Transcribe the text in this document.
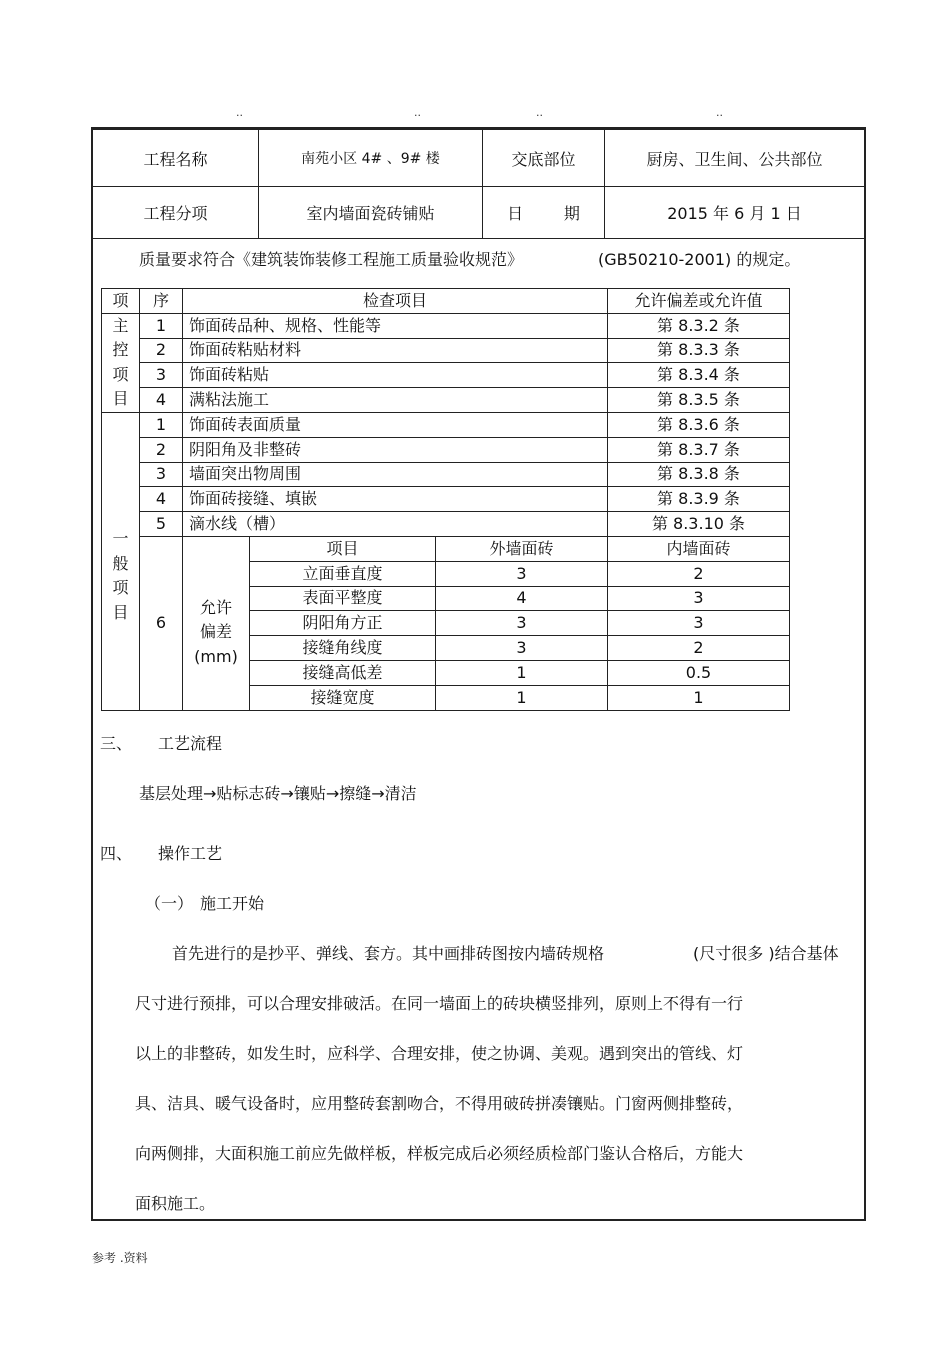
..	..	..	..
工程名称	南苑小区 4# 、9# 楼	交底部位	厨房、卫生间、公共部位
工程分项	室内墙面瓷砖铺贴	日        期	2015 年 6 月 1 日
质量要求符合《建筑装饰装修工程施工质量验收规范》	(GB50210-2001) 的规定。
项	序	检查项目			允许偏差或允许值

主
控
项
目	1	饰面砖品种、规格、性能等			第 8.3.2 条
	2	饰面砖粘贴材料			第 8.3.3 条
	3	饰面砖粘贴			第 8.3.4 条
	4	满粘法施工			第 8.3.5 条

一
般
项
目	1	饰面砖表面质量			第 8.3.6 条
	2	阴阳角及非整砖			第 8.3.7 条
	3	墙面突出物周围			第 8.3.8 条
	4	饰面砖接缝、填嵌			第 8.3.9 条
	5	滴水线（槽）			第 8.3.10 条
	6	允许
偏差
(mm)	项目	外墙面砖	内墙面砖
			立面垂直度	3	2
			表面平整度	4	3
			阴阳角方正	3	3
			接缝角线度	3	2
			接缝高低差	1	0.5
			接缝宽度	1	1
三、 工艺流程
基层处理→贴标志砖→镶贴→擦缝→清洁
四、 操作工艺
（一） 施工开始
首先进行的是抄平、弹线、套方。其中画排砖图按内墙砖规格	(尺寸很多 )结合基体
尺寸进行预排，可以合理安排破活。在同一墙面上的砖块横竖排列，原则上不得有一行
以上的非整砖，如发生时，应科学、合理安排，使之协调、美观。遇到突出的管线、灯
具、洁具、暖气设备时，应用整砖套割吻合，不得用破砖拼凑镶贴。门窗两侧排整砖，
向两侧排，大面积施工前应先做样板，样板完成后必须经质检部门鉴认合格后，方能大
面积施工。
参考 .资料
